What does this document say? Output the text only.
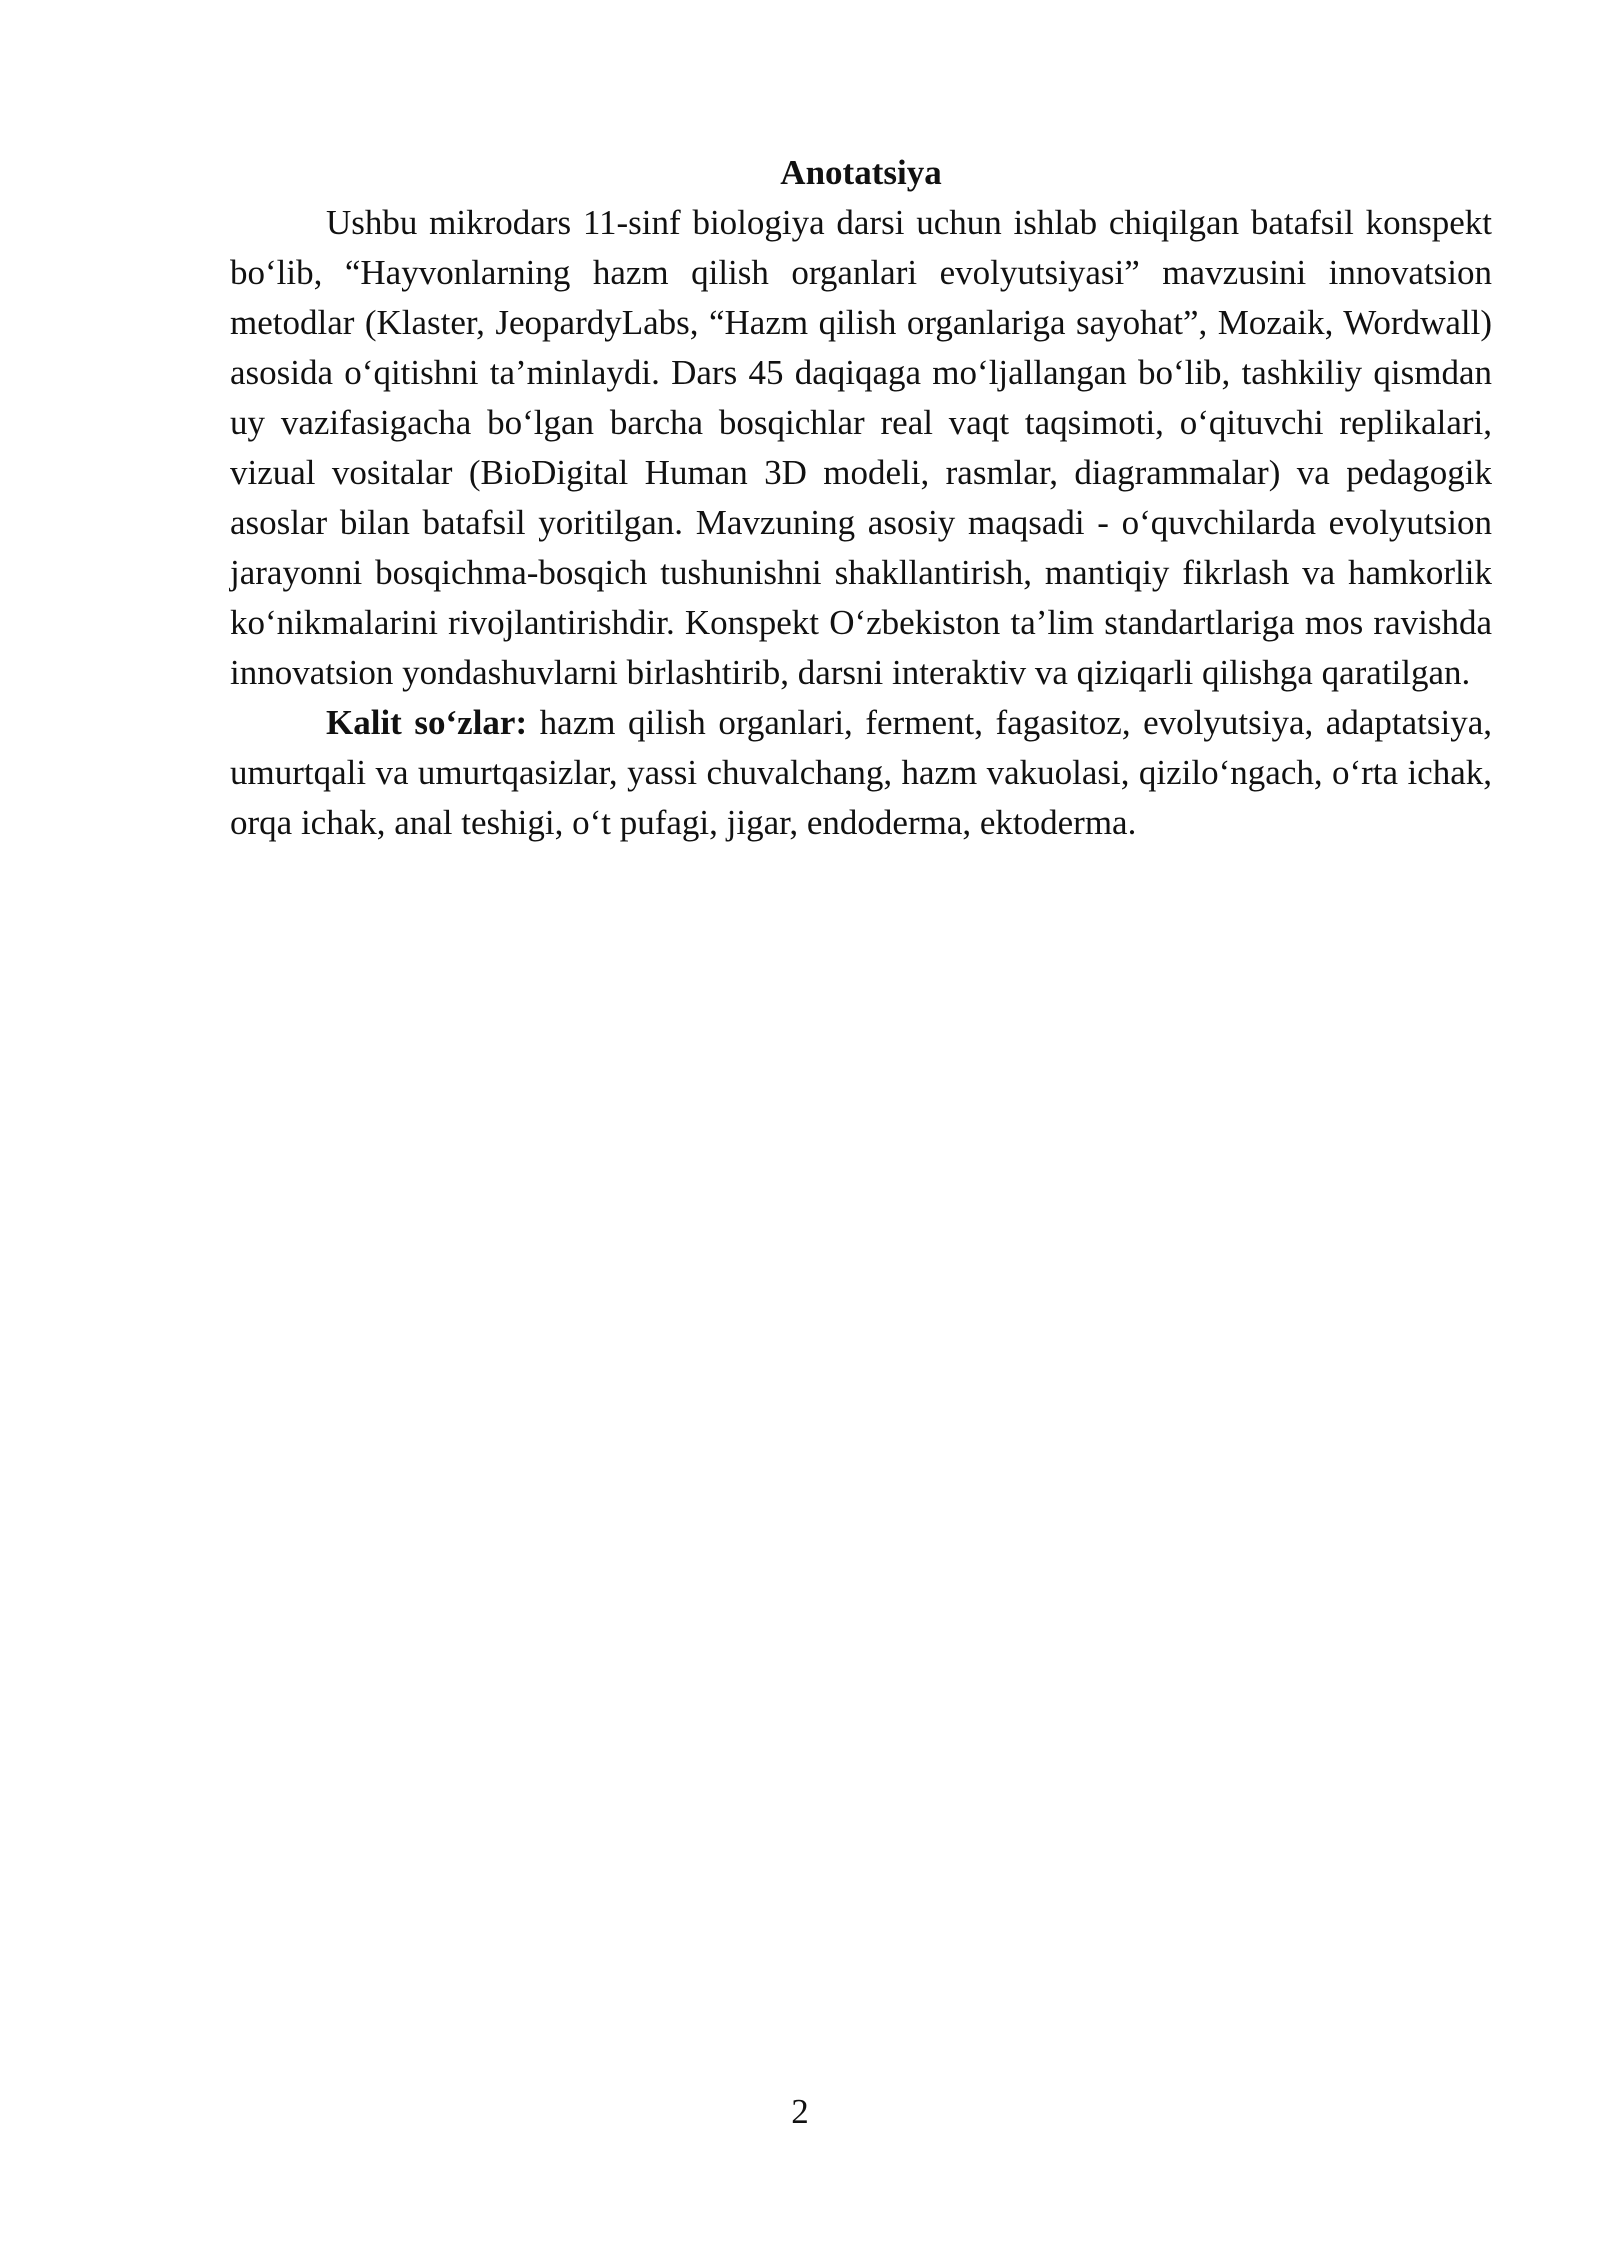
Anotatsiya

Ushbu mikrodars 11-sinf biologiya darsi uchun ishlab chiqilgan batafsil konspekt bo‘lib, “Hayvonlarning hazm qilish organlari evolyutsiyasi” mavzusini innovatsion metodlar (Klaster, JeopardyLabs, “Hazm qilish organlariga sayohat”, Mozaik, Wordwall) asosida o‘qitishni ta’minlaydi. Dars 45 daqiqaga mo‘ljallangan bo‘lib, tashkiliy qismdan uy vazifasigacha bo‘lgan barcha bosqichlar real vaqt taqsimoti, o‘qituvchi replikalari, vizual vositalar (BioDigital Human 3D modeli, rasmlar, diagrammalar) va pedagogik asoslar bilan batafsil yoritilgan. Mavzuning asosiy maqsadi - o‘quvchilarda evolyutsion jarayonni bosqichma-bosqich tushunishni shakllantirish, mantiqiy fikrlash va hamkorlik ko‘nikmalarini rivojlantirishdir. Konspekt O‘zbekiston ta’lim standartlariga mos ravishda innovatsion yondashuvlarni birlashtirib, darsni interaktiv va qiziqarli qilishga qaratilgan.

Kalit so‘zlar: hazm qilish organlari, ferment, fagasitoz, evolyutsiya, adaptatsiya, umurtqali va umurtqasizlar, yassi chuvalchang, hazm vakuolasi, qizilo‘ngach, o‘rta ichak, orqa ichak, anal teshigi, o‘t pufagi, jigar, endoderma, ektoderma.

2
